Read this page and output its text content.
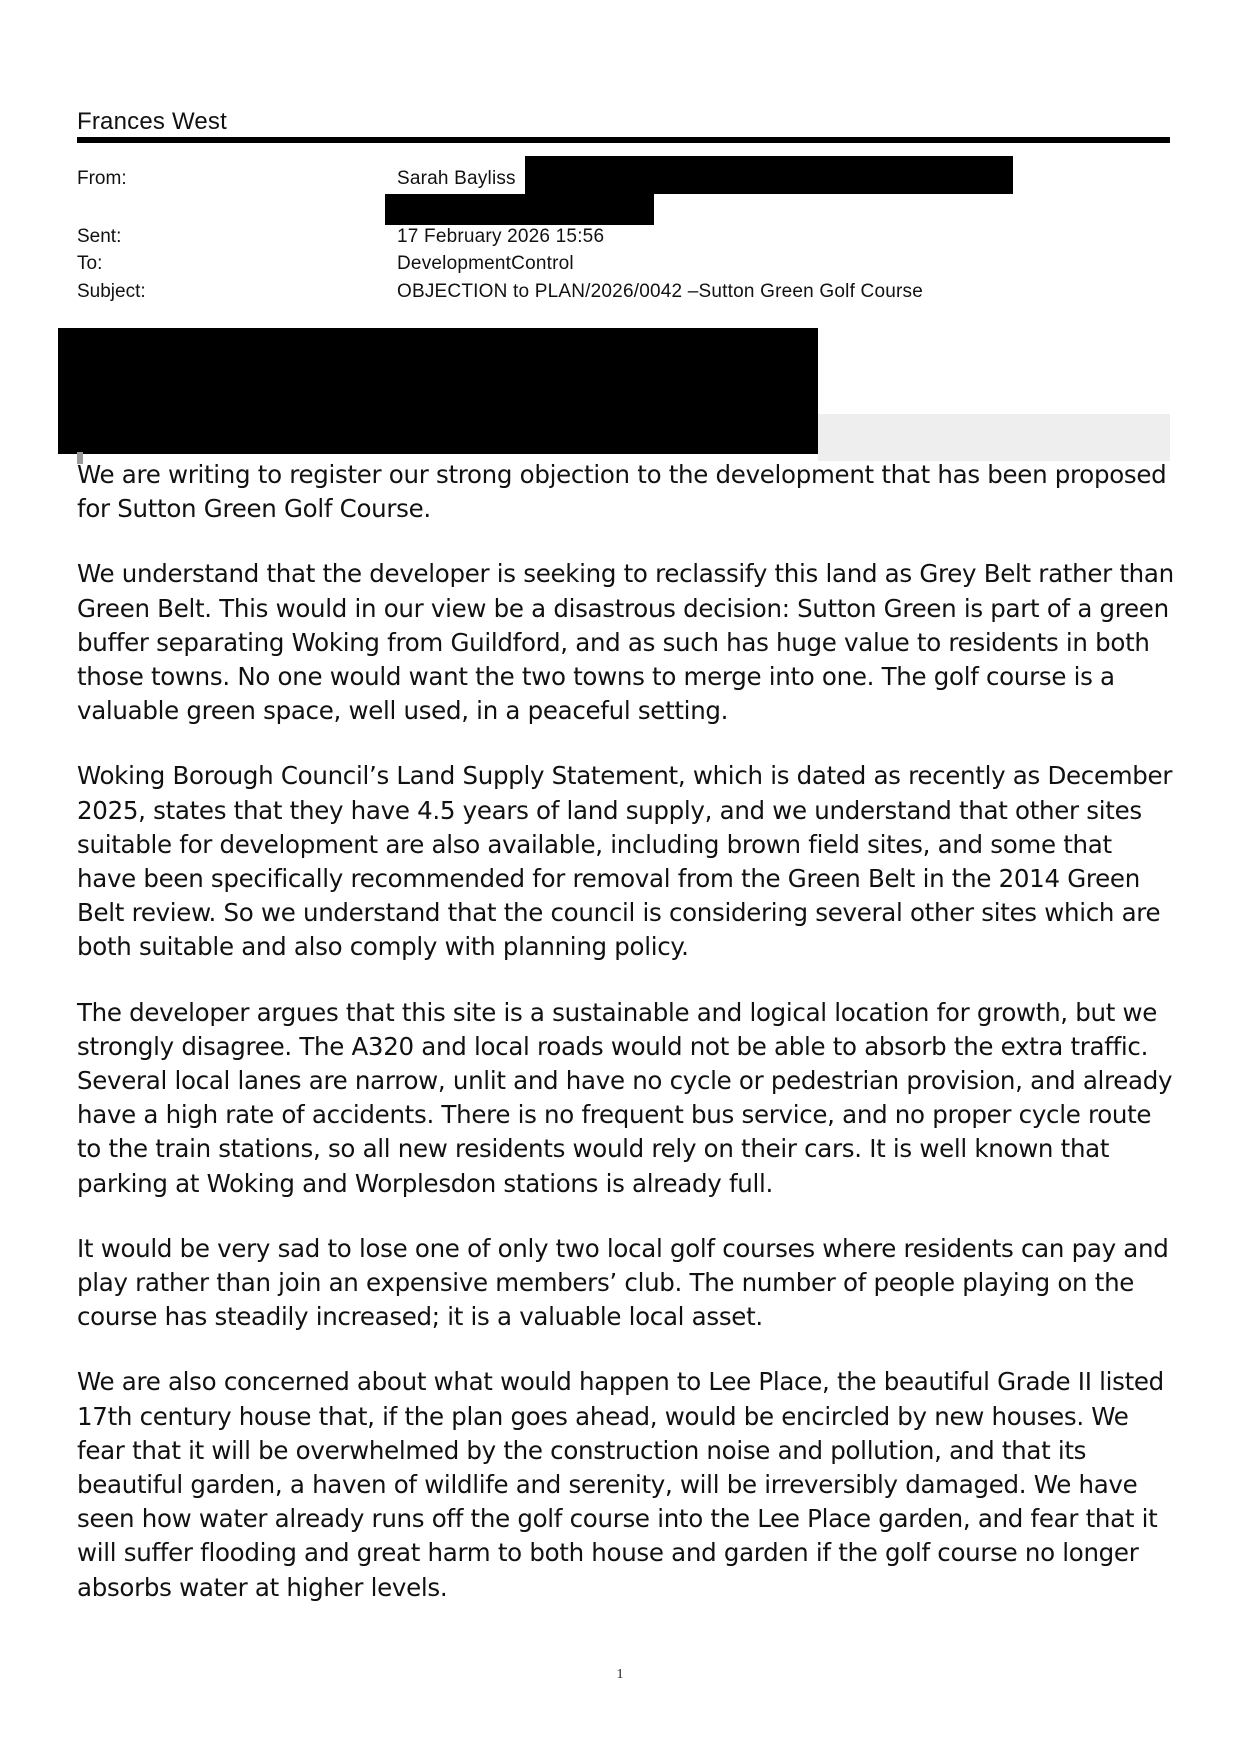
Frances West
From:	Sarah Bayliss
Sent:	17 February 2026 15:56
To:	DevelopmentControl
Subject:	OBJECTION to PLAN/2026/0042 –Sutton Green Golf Course

We are writing to register our strong objection to the development that has been proposed for Sutton Green Golf Course.

We understand that the developer is seeking to reclassify this land as Grey Belt rather than Green Belt. This would in our view be a disastrous decision: Sutton Green is part of a green buffer separating Woking from Guildford, and as such has huge value to residents in both those towns. No one would want the two towns to merge into one. The golf course is a valuable green space, well used, in a peaceful setting.

Woking Borough Council’s Land Supply Statement, which is dated as recently as December 2025, states that they have 4.5 years of land supply, and we understand that other sites suitable for development are also available, including brown field sites, and some that have been specifically recommended for removal from the Green Belt in the 2014 Green Belt review. So we understand that the council is considering several other sites which are both suitable and also comply with planning policy.

The developer argues that this site is a sustainable and logical location for growth, but we strongly disagree. The A320 and local roads would not be able to absorb the extra traffic. Several local lanes are narrow, unlit and have no cycle or pedestrian provision, and already have a high rate of accidents. There is no frequent bus service, and no proper cycle route to the train stations, so all new residents would rely on their cars. It is well known that parking at Woking and Worplesdon stations is already full.

It would be very sad to lose one of only two local golf courses where residents can pay and play rather than join an expensive members’ club. The number of people playing on the course has steadily increased; it is a valuable local asset.

We are also concerned about what would happen to Lee Place, the beautiful Grade II listed 17th century house that, if the plan goes ahead, would be encircled by new houses. We fear that it will be overwhelmed by the construction noise and pollution, and that its beautiful garden, a haven of wildlife and serenity, will be irreversibly damaged. We have seen how water already runs off the golf course into the Lee Place garden, and fear that it will suffer flooding and great harm to both house and garden if the golf course no longer absorbs water at higher levels.

1
